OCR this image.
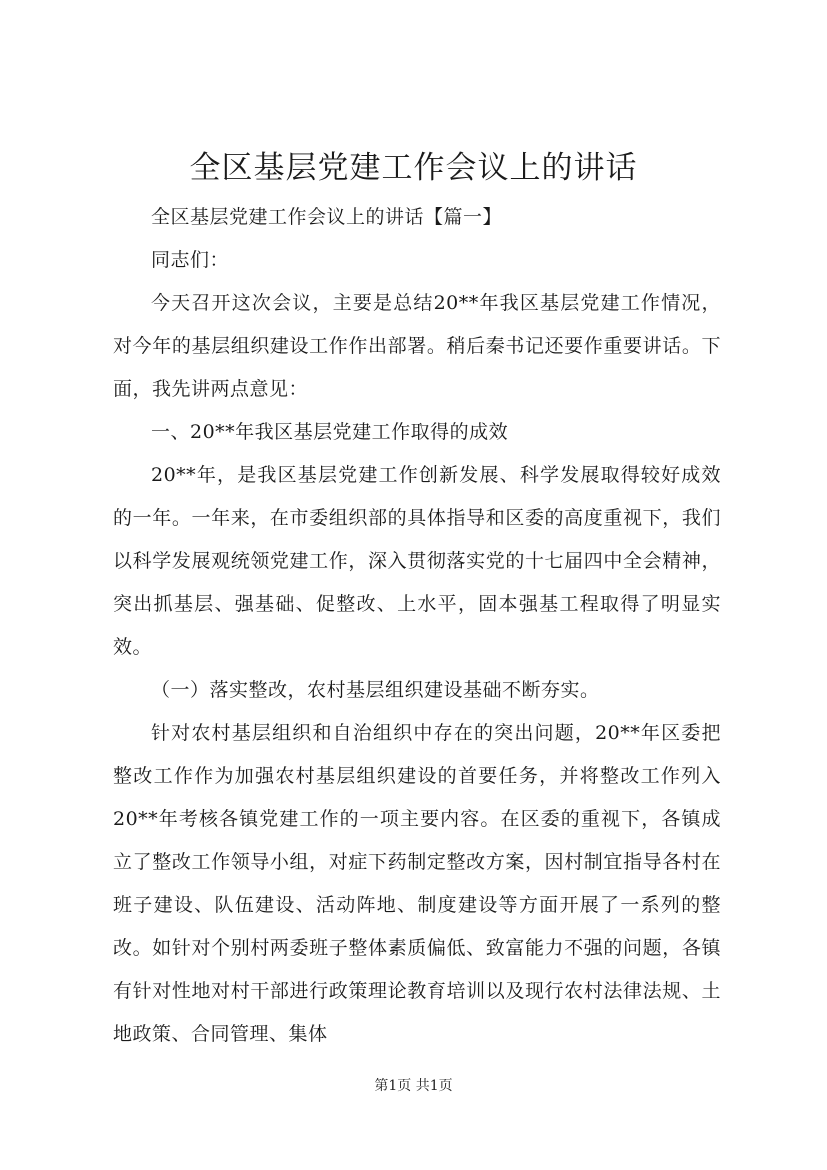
全区基层党建工作会议上的讲话

全区基层党建工作会议上的讲话【篇一】

同志们：

今天召开这次会议，主要是总结20**年我区基层党建工作情况，对今年的基层组织建设工作作出部署。稍后秦书记还要作重要讲话。下面，我先讲两点意见：

一、20**年我区基层党建工作取得的成效

20**年，是我区基层党建工作创新发展、科学发展取得较好成效的一年。一年来，在市委组织部的具体指导和区委的高度重视下，我们以科学发展观统领党建工作，深入贯彻落实党的十七届四中全会精神，突出抓基层、强基础、促整改、上水平，固本强基工程取得了明显实效。

（一）落实整改，农村基层组织建设基础不断夯实。

针对农村基层组织和自治组织中存在的突出问题，20**年区委把整改工作作为加强农村基层组织建设的首要任务，并将整改工作列入20**年考核各镇党建工作的一项主要内容。在区委的重视下，各镇成立了整改工作领导小组，对症下药制定整改方案，因村制宜指导各村在班子建设、队伍建设、活动阵地、制度建设等方面开展了一系列的整改。如针对个别村两委班子整体素质偏低、致富能力不强的问题，各镇有针对性地对村干部进行政策理论教育培训以及现行农村法律法规、土地政策、合同管理、集体

第1页 共1页
